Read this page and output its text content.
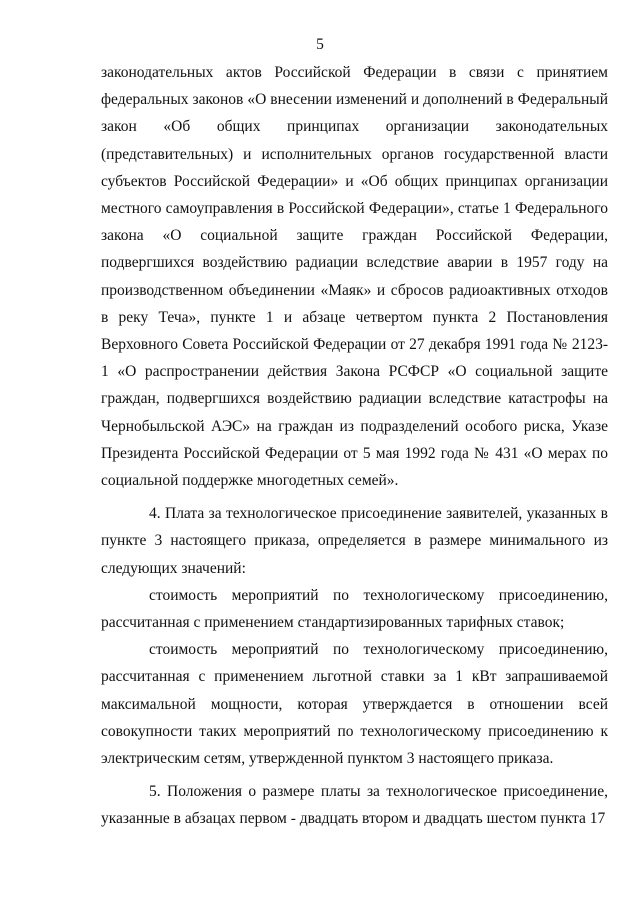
5

законодательных актов Российской Федерации в связи с принятием федеральных законов «О внесении изменений и дополнений в Федеральный закон «Об общих принципах организации законодательных (представительных) и исполнительных органов государственной власти субъектов Российской Федерации» и «Об общих принципах организации местного самоуправления в Российской Федерации», статье 1 Федерального закона «О социальной защите граждан Российской Федерации, подвергшихся воздействию радиации вследствие аварии в 1957 году на производственном объединении «Маяк» и сбросов радиоактивных отходов в реку Теча», пункте 1 и абзаце четвертом пункта 2 Постановления Верховного Совета Российской Федерации от 27 декабря 1991 года № 2123-1 «О распространении действия Закона РСФСР «О социальной защите граждан, подвергшихся воздействию радиации вследствие катастрофы на Чернобыльской АЭС» на граждан из подразделений особого риска, Указе Президента Российской Федерации от 5 мая 1992 года № 431 «О мерах по социальной поддержке многодетных семей».

4. Плата за технологическое присоединение заявителей, указанных в пункте 3 настоящего приказа, определяется в размере минимального из следующих значений:

стоимость мероприятий по технологическому присоединению, рассчитанная с применением стандартизированных тарифных ставок;

стоимость мероприятий по технологическому присоединению, рассчитанная с применением льготной ставки за 1 кВт запрашиваемой максимальной мощности, которая утверждается в отношении всей совокупности таких мероприятий по технологическому присоединению к электрическим сетям, утвержденной пунктом 3 настоящего приказа.

5. Положения о размере платы за технологическое присоединение, указанные в абзацах первом - двадцать втором и двадцать шестом пункта 17
